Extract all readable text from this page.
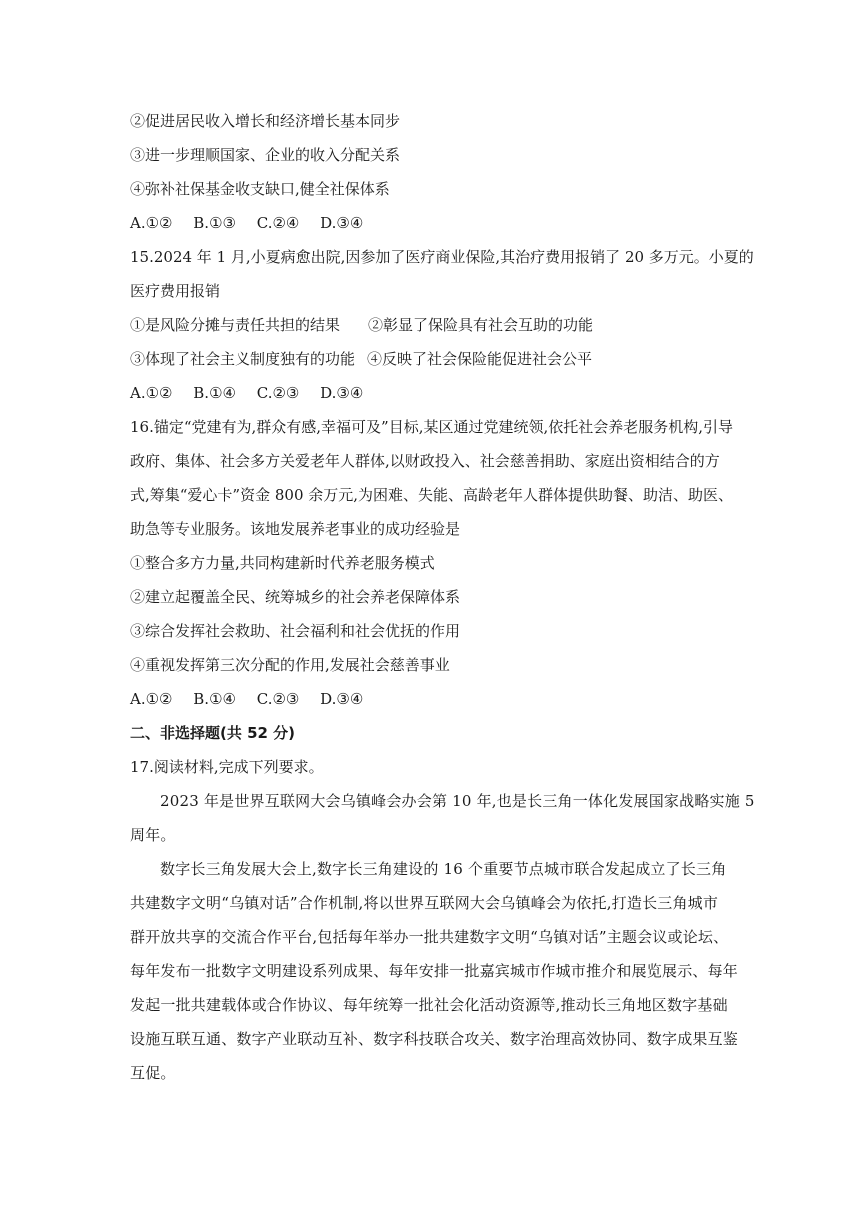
②促进居民收入增长和经济增长基本同步
③进一步理顺国家、企业的收入分配关系
④弥补社保基金收支缺口,健全社保体系
A.①② B.①③ C.②④ D.③④
15.2024 年 1 月,小夏病愈出院,因参加了医疗商业保险,其治疗费用报销了 20 多万元。小夏的
医疗费用报销
①是风险分摊与责任共担的结果 ②彰显了保险具有社会互助的功能
③体现了社会主义制度独有的功能 ④反映了社会保险能促进社会公平
A.①② B.①④ C.②③ D.③④
16.锚定“党建有为,群众有感,幸福可及”目标,某区通过党建统领,依托社会养老服务机构,引导
政府、集体、社会多方关爱老年人群体,以财政投入、社会慈善捐助、家庭出资相结合的方
式,筹集“爱心卡”资金 800 余万元,为困难、失能、高龄老年人群体提供助餐、助洁、助医、
助急等专业服务。该地发展养老事业的成功经验是
①整合多方力量,共同构建新时代养老服务模式
②建立起覆盖全民、统筹城乡的社会养老保障体系
③综合发挥社会救助、社会福利和社会优抚的作用
④重视发挥第三次分配的作用,发展社会慈善事业
A.①② B.①④ C.②③ D.③④
二、非选择题(共 52 分)
17.阅读材料,完成下列要求。
2023 年是世界互联网大会乌镇峰会办会第 10 年,也是长三角一体化发展国家战略实施 5
周年。
数字长三角发展大会上,数字长三角建设的 16 个重要节点城市联合发起成立了长三角
共建数字文明“乌镇对话”合作机制,将以世界互联网大会乌镇峰会为依托,打造长三角城市
群开放共享的交流合作平台,包括每年举办一批共建数字文明“乌镇对话”主题会议或论坛、
每年发布一批数字文明建设系列成果、每年安排一批嘉宾城市作城市推介和展览展示、每年
发起一批共建载体或合作协议、每年统筹一批社会化活动资源等,推动长三角地区数字基础
设施互联互通、数字产业联动互补、数字科技联合攻关、数字治理高效协同、数字成果互鉴
互促。
